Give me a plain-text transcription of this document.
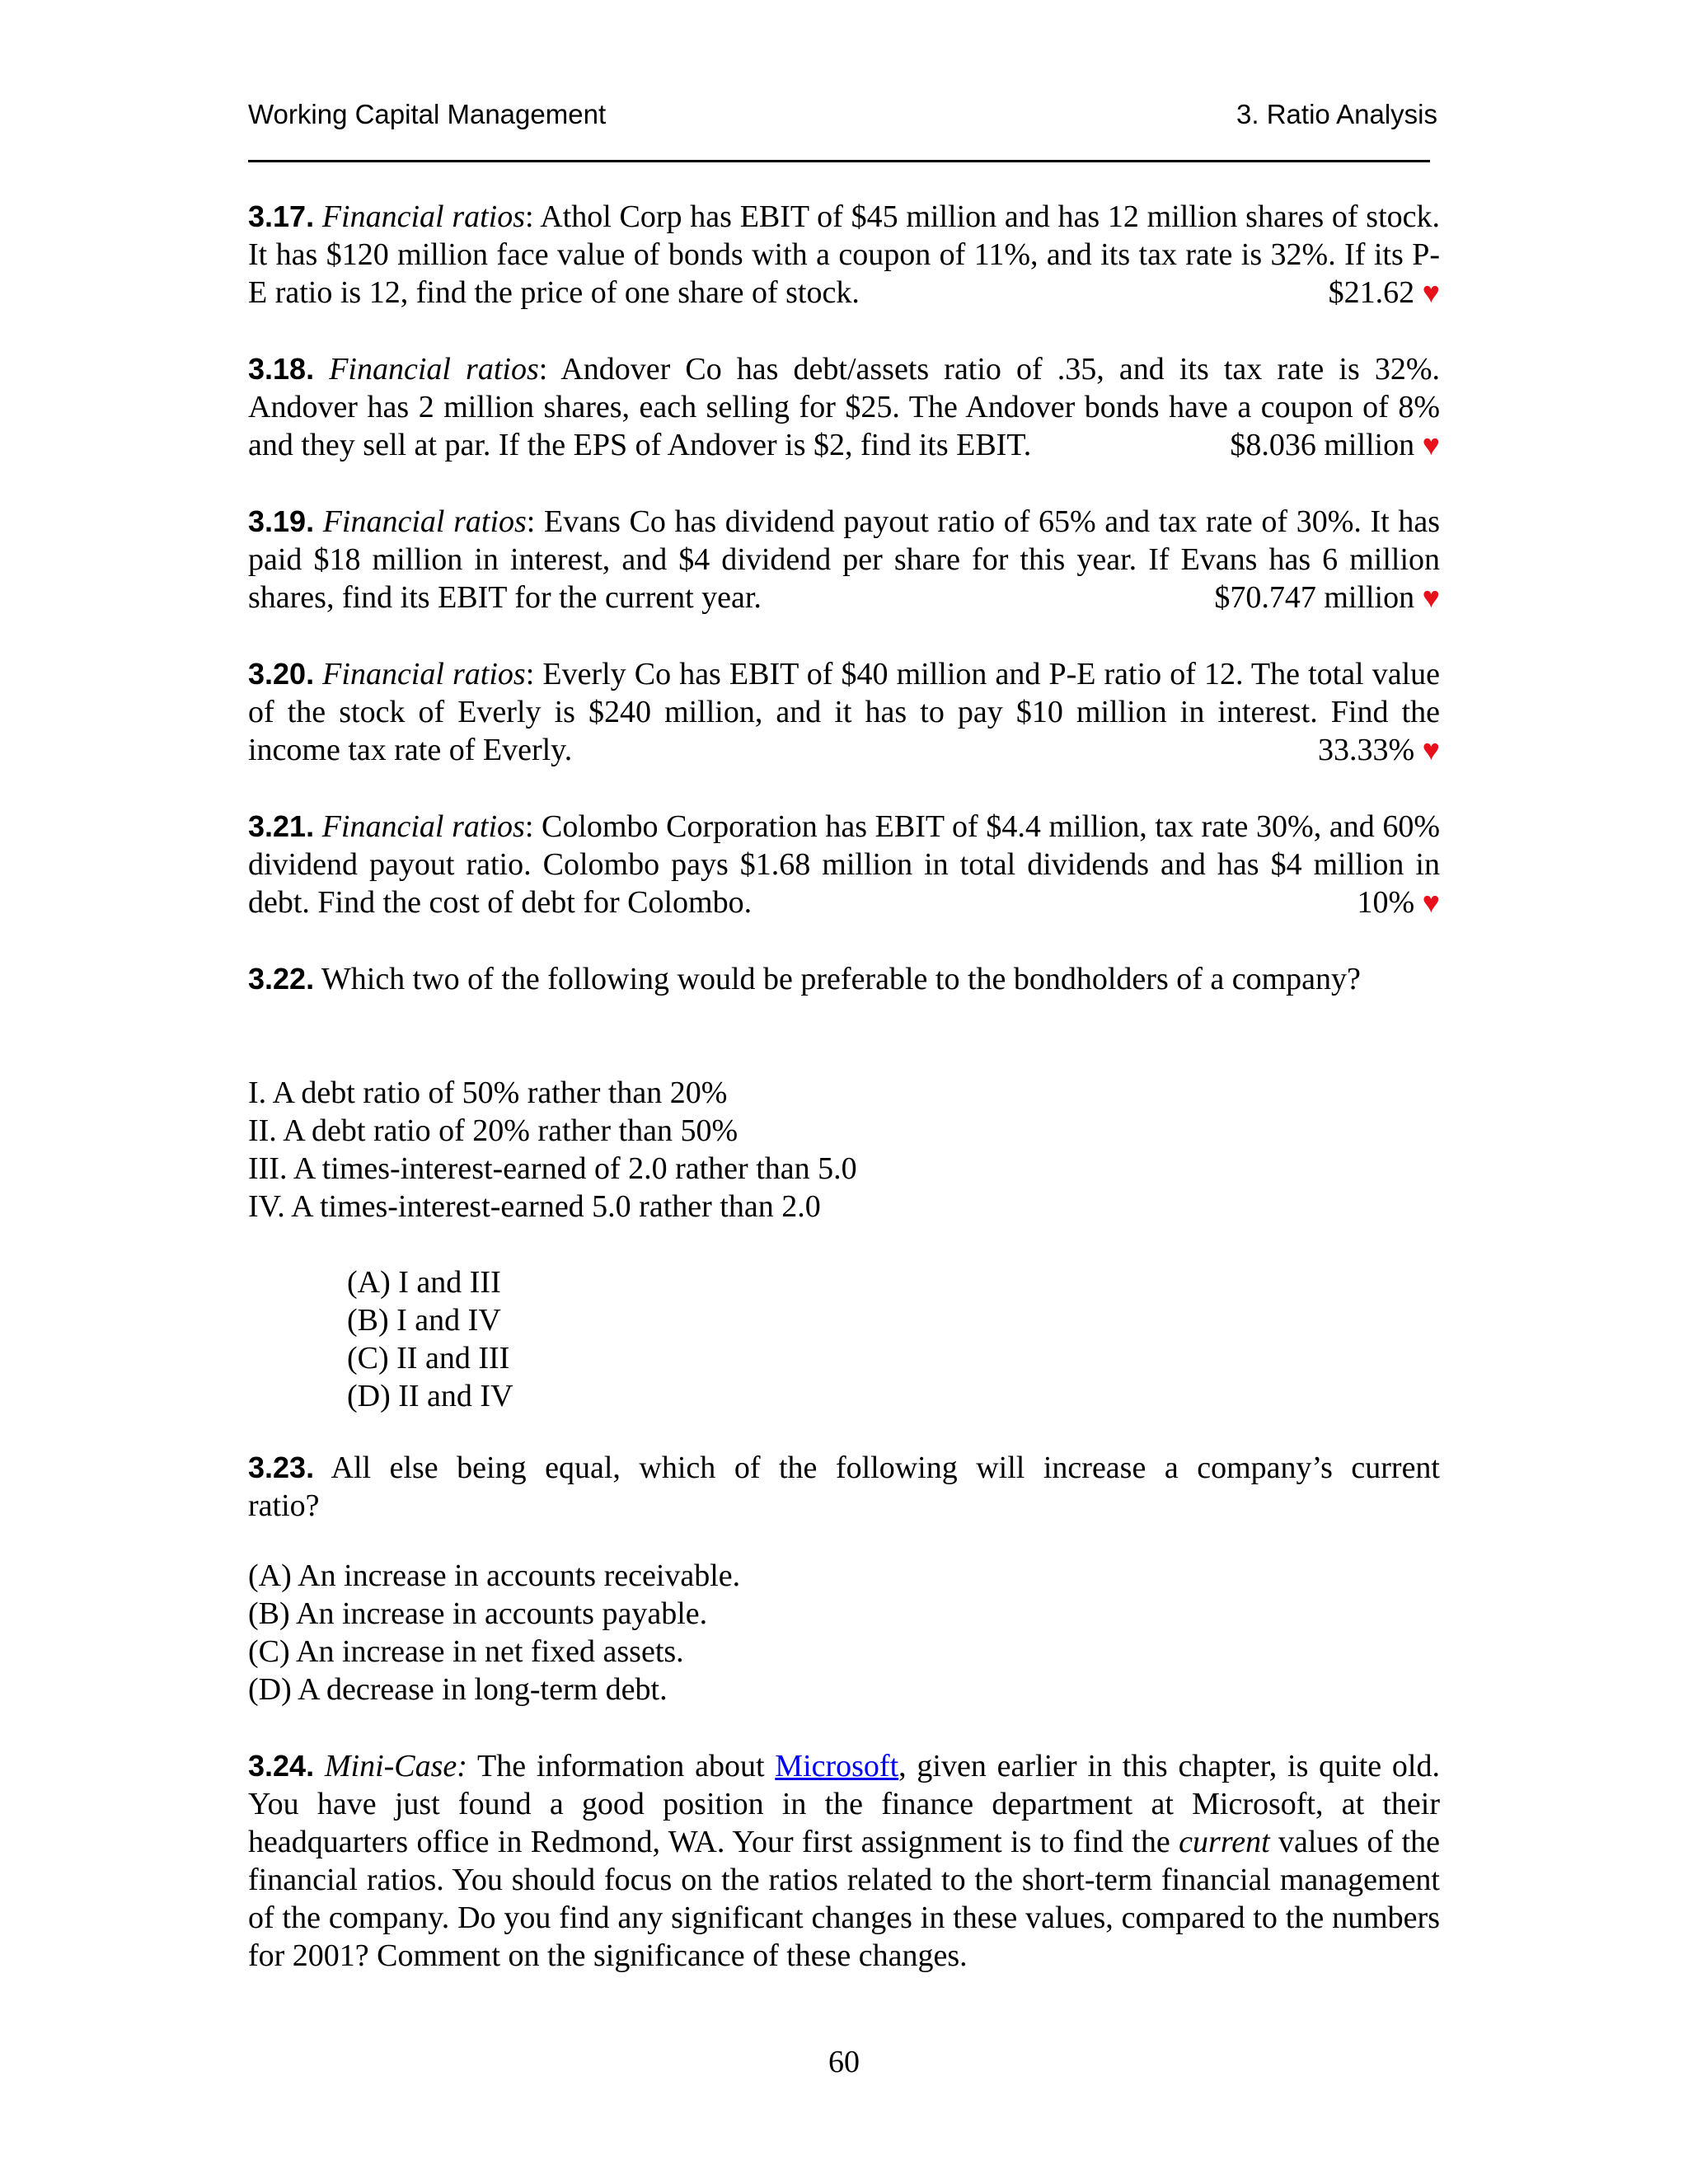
Working Capital Management	3. Ratio Analysis

3.17. Financial ratios: Athol Corp has EBIT of $45 million and has 12 million shares of stock. It has $120 million face value of bonds with a coupon of 11%, and its tax rate is 32%. If its P-E ratio is 12, find the price of one share of stock.	$21.62 ♥

3.18. Financial ratios: Andover Co has debt/assets ratio of .35, and its tax rate is 32%. Andover has 2 million shares, each selling for $25. The Andover bonds have a coupon of 8% and they sell at par. If the EPS of Andover is $2, find its EBIT.	$8.036 million ♥

3.19. Financial ratios: Evans Co has dividend payout ratio of 65% and tax rate of 30%. It has paid $18 million in interest, and $4 dividend per share for this year. If Evans has 6 million shares, find its EBIT for the current year.	$70.747 million ♥

3.20. Financial ratios: Everly Co has EBIT of $40 million and P-E ratio of 12. The total value of the stock of Everly is $240 million, and it has to pay $10 million in interest. Find the income tax rate of Everly.	33.33% ♥

3.21. Financial ratios: Colombo Corporation has EBIT of $4.4 million, tax rate 30%, and 60% dividend payout ratio. Colombo pays $1.68 million in total dividends and has $4 million in debt. Find the cost of debt for Colombo.	10% ♥

3.22. Which two of the following would be preferable to the bondholders of a company?

I. A debt ratio of 50% rather than 20%
II. A debt ratio of 20% rather than 50%
III. A times-interest-earned of 2.0 rather than 5.0
IV. A times-interest-earned 5.0 rather than 2.0
(A) I and III
(B) I and IV
(C) II and III
(D) II and IV

3.23. All else being equal, which of the following will increase a company’s current ratio?

(A) An increase in accounts receivable.
(B) An increase in accounts payable.
(C) An increase in net fixed assets.
(D) A decrease in long-term debt.

3.24. Mini-Case: The information about Microsoft, given earlier in this chapter, is quite old. You have just found a good position in the finance department at Microsoft, at their headquarters office in Redmond, WA. Your first assignment is to find the current values of the financial ratios. You should focus on the ratios related to the short-term financial management of the company. Do you find any significant changes in these values, compared to the numbers for 2001? Comment on the significance of these changes.

60
